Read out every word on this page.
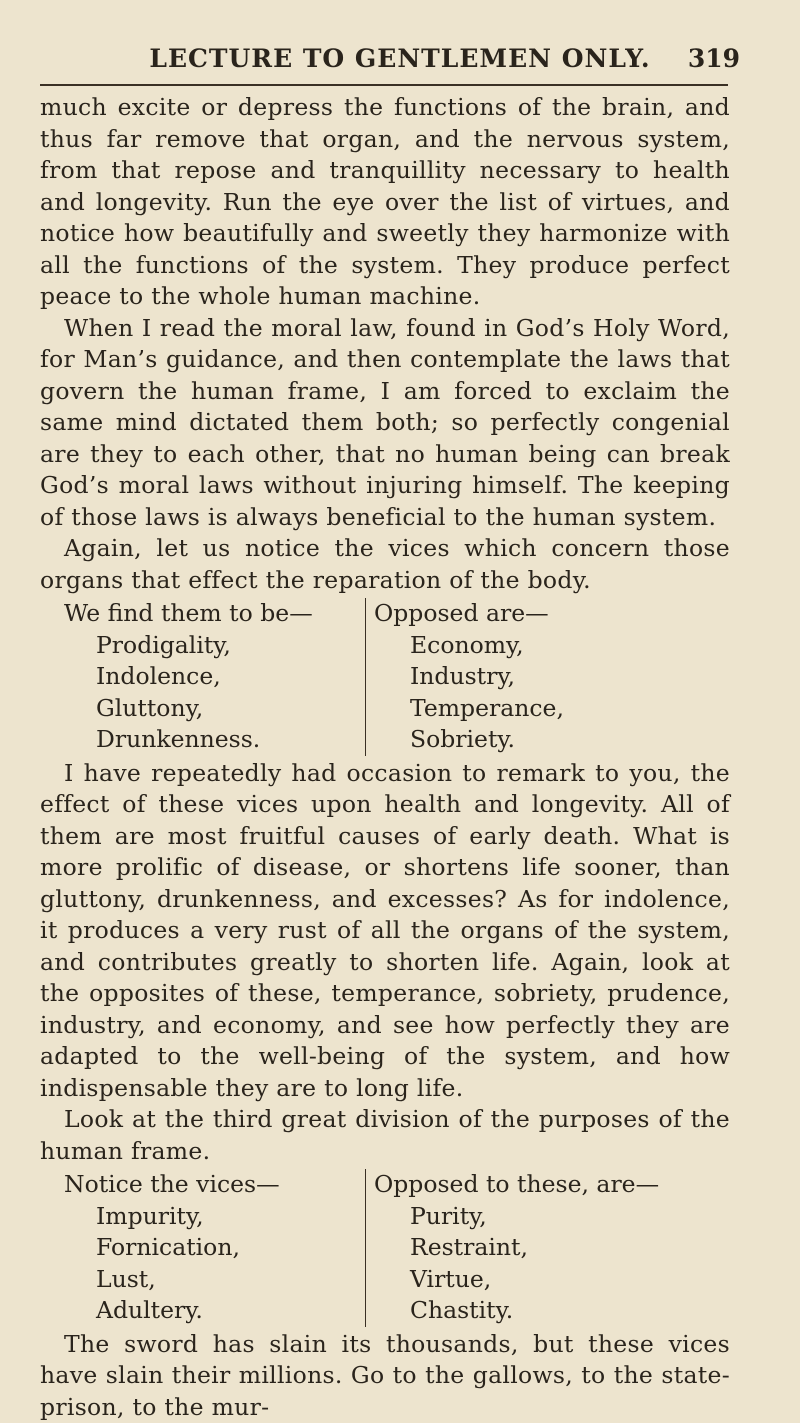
LECTURE TO GENTLEMEN ONLY.	319

much excite or depress the functions of the brain, and thus far remove that organ, and the nervous system, from that repose and tranquillity necessary to health and longevity. Run the eye over the list of virtues, and notice how beautifully and sweetly they harmonize with all the functions of the system. They produce perfect peace to the whole human machine.

When I read the moral law, found in God’s Holy Word, for Man’s guidance, and then contemplate the laws that govern the human frame, I am forced to exclaim the same mind dictated them both; so perfectly congenial are they to each other, that no human being can break God’s moral laws without injuring himself. The keeping of those laws is always beneficial to the human system.

Again, let us notice the vices which concern those organs that effect the reparation of the body.

We find them to be—
Prodigality,
Indolence,
Gluttony,
Drunkenness.
Opposed are—
Economy,
Industry,
Temperance,
Sobriety.

I have repeatedly had occasion to remark to you, the effect of these vices upon health and longevity. All of them are most fruitful causes of early death. What is more prolific of disease, or shortens life sooner, than gluttony, drunkenness, and excesses? As for indolence, it produces a very rust of all the organs of the system, and contributes greatly to shorten life. Again, look at the opposites of these, temperance, sobriety, prudence, industry, and economy, and see how perfectly they are adapted to the well-being of the system, and how indispensable they are to long life.

Look at the third great division of the purposes of the human frame.

Notice the vices—
Impurity,
Fornication,
Lust,
Adultery.
Opposed to these, are—
Purity,
Restraint,
Virtue,
Chastity.

The sword has slain its thousands, but these vices have slain their millions. Go to the gallows, to the state-prison, to the mur-
